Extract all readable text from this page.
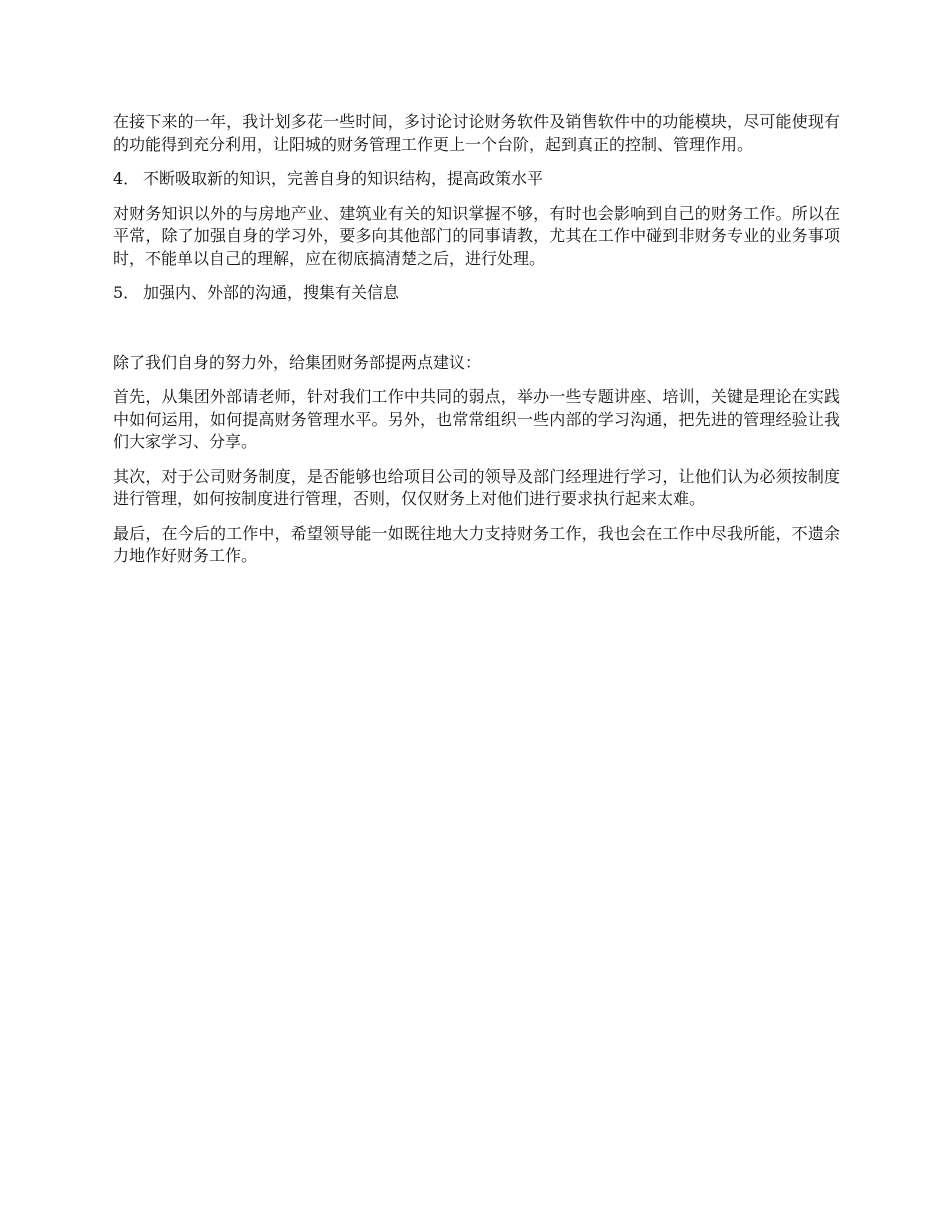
在接下来的一年，我计划多花一些时间，多讨论讨论财务软件及销售软件中的功能模块，尽可能使现有的功能得到充分利用，让阳城的财务管理工作更上一个台阶，起到真正的控制、管理作用。

4． 不断吸取新的知识，完善自身的知识结构，提高政策水平

对财务知识以外的与房地产业、建筑业有关的知识掌握不够，有时也会影响到自己的财务工作。所以在平常，除了加强自身的学习外，要多向其他部门的同事请教，尤其在工作中碰到非财务专业的业务事项时，不能单以自己的理解，应在彻底搞清楚之后，进行处理。

5． 加强内、外部的沟通，搜集有关信息

除了我们自身的努力外，给集团财务部提两点建议：

首先，从集团外部请老师，针对我们工作中共同的弱点，举办一些专题讲座、培训，关键是理论在实践中如何运用，如何提高财务管理水平。另外，也常常组织一些内部的学习沟通，把先进的管理经验让我们大家学习、分享。

其次，对于公司财务制度，是否能够也给项目公司的领导及部门经理进行学习，让他们认为必须按制度进行管理，如何按制度进行管理，否则，仅仅财务上对他们进行要求执行起来太难。

最后，在今后的工作中，希望领导能一如既往地大力支持财务工作，我也会在工作中尽我所能，不遗余力地作好财务工作。
